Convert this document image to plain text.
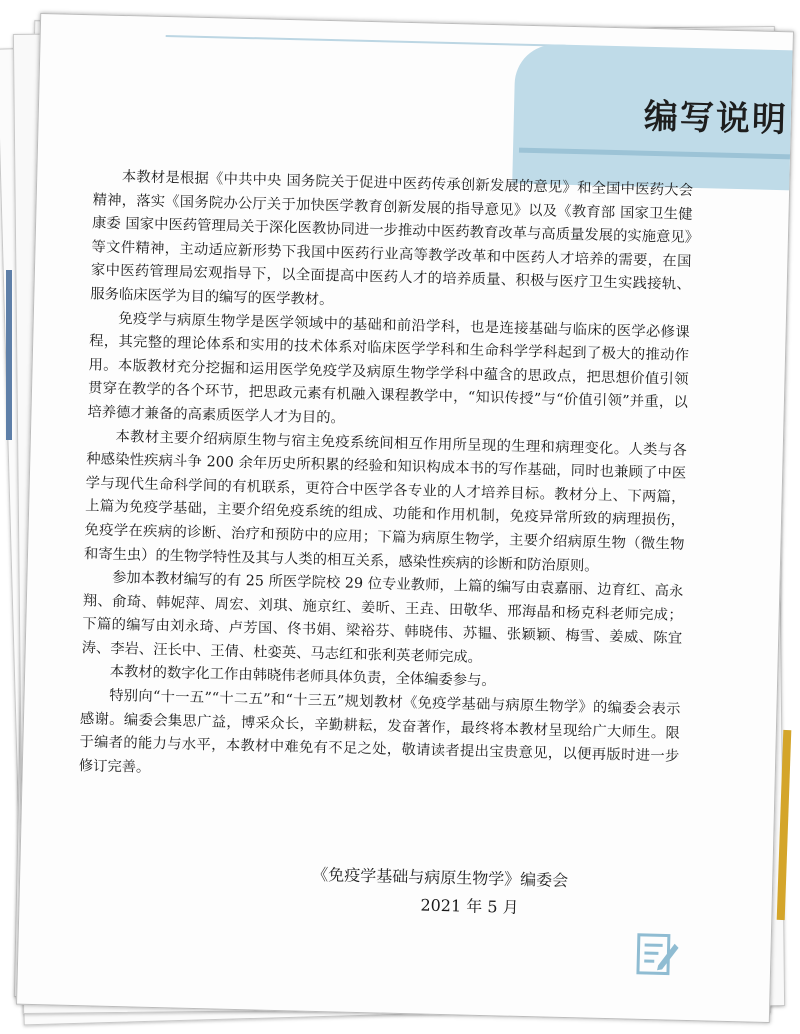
编写说明

本教材是根据《中共中央 国务院关于促进中医药传承创新发展的意见》和全国中医药大会精神，落实《国务院办公厅关于加快医学教育创新发展的指导意见》以及《教育部 国家卫生健康委 国家中医药管理局关于深化医教协同进一步推动中医药教育改革与高质量发展的实施意见》等文件精神，主动适应新形势下我国中医药行业高等教学改革和中医药人才培养的需要，在国家中医药管理局宏观指导下，以全面提高中医药人才的培养质量、积极与医疗卫生实践接轨、服务临床医学为目的编写的医学教材。

免疫学与病原生物学是医学领域中的基础和前沿学科，也是连接基础与临床的医学必修课程，其完整的理论体系和实用的技术体系对临床医学学科和生命科学学科起到了极大的推动作用。本版教材充分挖掘和运用医学免疫学及病原生物学学科中蕴含的思政点，把思想价值引领贯穿在教学的各个环节，把思政元素有机融入课程教学中，“知识传授”与“价值引领”并重，以培养德才兼备的高素质医学人才为目的。

本教材主要介绍病原生物与宿主免疫系统间相互作用所呈现的生理和病理变化。人类与各种感染性疾病斗争 200 余年历史所积累的经验和知识构成本书的写作基础，同时也兼顾了中医学与现代生命科学间的有机联系，更符合中医学各专业的人才培养目标。教材分上、下两篇，上篇为免疫学基础，主要介绍免疫系统的组成、功能和作用机制，免疫异常所致的病理损伤，免疫学在疾病的诊断、治疗和预防中的应用；下篇为病原生物学，主要介绍病原生物（微生物和寄生虫）的生物学特性及其与人类的相互关系，感染性疾病的诊断和防治原则。

参加本教材编写的有 25 所医学院校 29 位专业教师，上篇的编写由袁嘉丽、边育红、高永翔、俞琦、韩妮萍、周宏、刘琪、施京红、姜昕、王垚、田敬华、邢海晶和杨克科老师完成；下篇的编写由刘永琦、卢芳国、佟书娟、梁裕芬、韩晓伟、苏韫、张颖颖、梅雪、姜威、陈宜涛、李岩、汪长中、王倩、杜娈英、马志红和张利英老师完成。

本教材的数字化工作由韩晓伟老师具体负责，全体编委参与。

特别向“十一五”“十二五”和“十三五”规划教材《免疫学基础与病原生物学》的编委会表示感谢。编委会集思广益，博采众长，辛勤耕耘，发奋著作，最终将本教材呈现给广大师生。限于编者的能力与水平，本教材中难免有不足之处，敬请读者提出宝贵意见，以便再版时进一步修订完善。

《免疫学基础与病原生物学》编委会
2021 年 5 月
